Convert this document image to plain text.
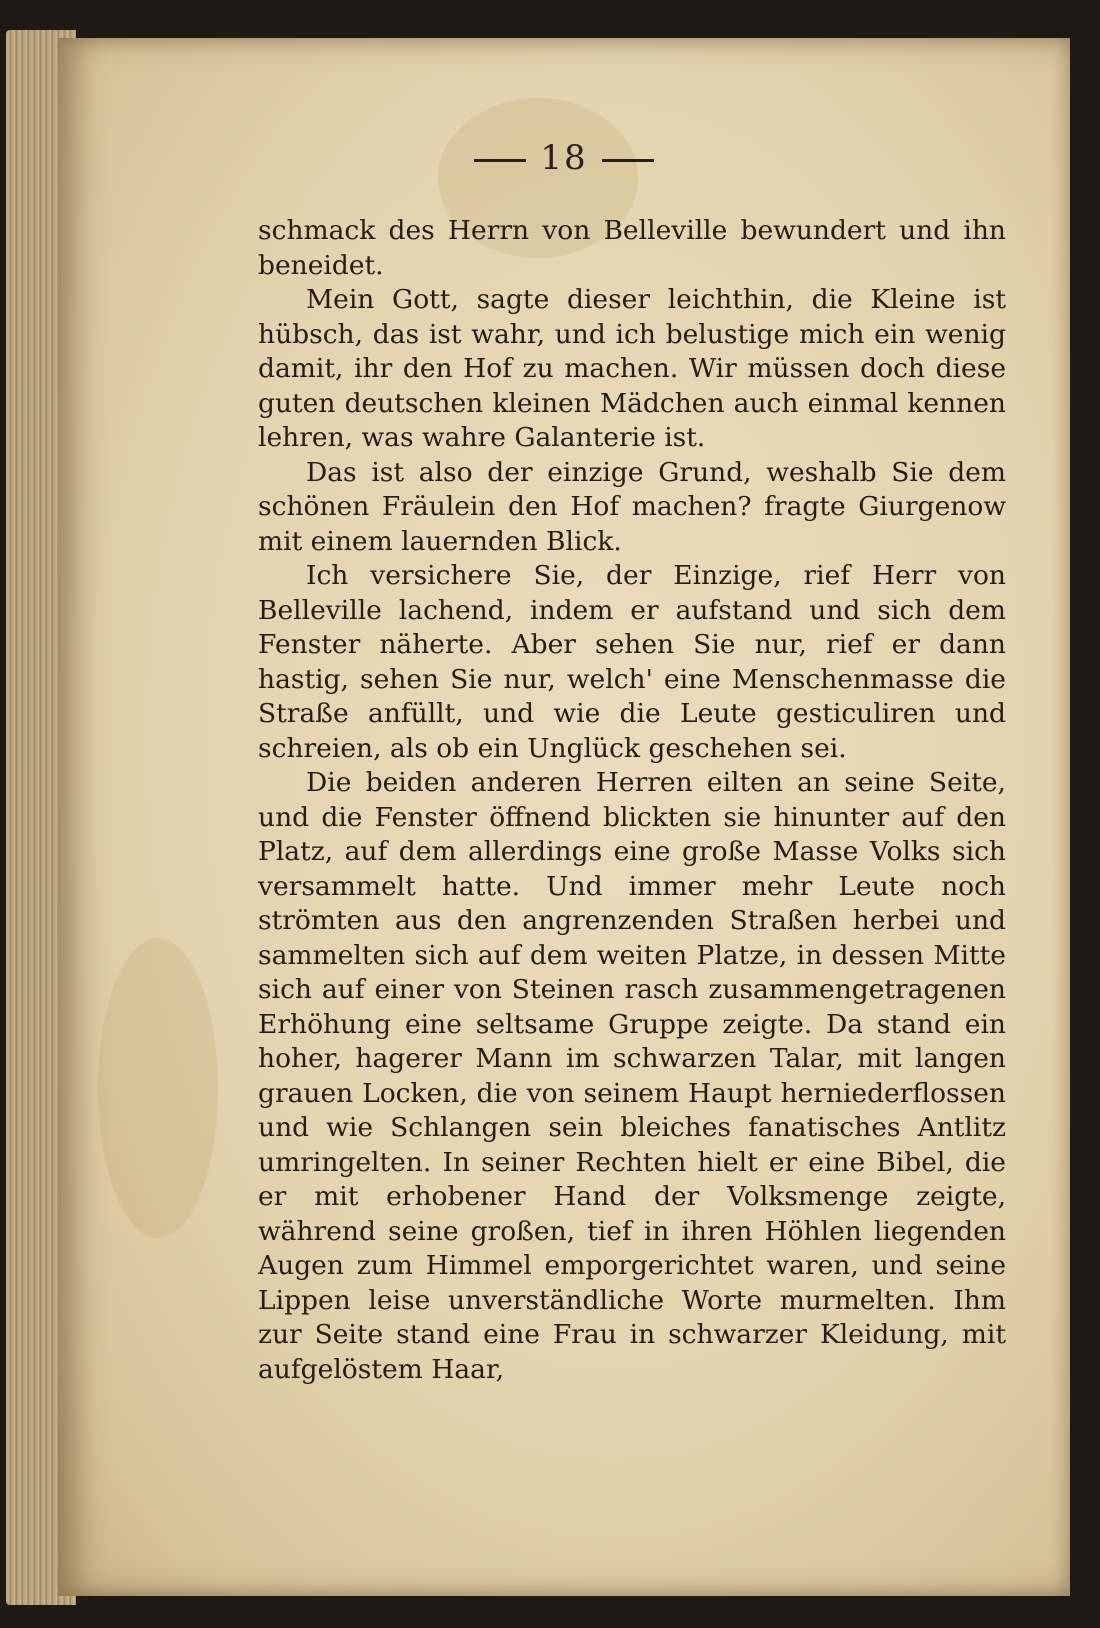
18

schmack des Herrn von Belleville bewundert und ihn beneidet.

Mein Gott, sagte dieser leichthin, die Kleine ist hübsch, das ist wahr, und ich belustige mich ein wenig damit, ihr den Hof zu machen. Wir müssen doch diese guten deutschen kleinen Mädchen auch einmal kennen lehren, was wahre Galanterie ist.

Das ist also der einzige Grund, weshalb Sie dem schönen Fräulein den Hof machen? fragte Giurgenow mit einem lauernden Blick.

Ich versichere Sie, der Einzige, rief Herr von Belleville lachend, indem er aufstand und sich dem Fenster näherte. Aber sehen Sie nur, rief er dann hastig, sehen Sie nur, welch' eine Menschenmasse die Straße anfüllt, und wie die Leute gesticuliren und schreien, als ob ein Unglück geschehen sei.

Die beiden anderen Herren eilten an seine Seite, und die Fenster öffnend blickten sie hinunter auf den Platz, auf dem allerdings eine große Masse Volks sich versammelt hatte. Und immer mehr Leute noch strömten aus den angrenzenden Straßen herbei und sammelten sich auf dem weiten Platze, in dessen Mitte sich auf einer von Steinen rasch zusammengetragenen Erhöhung eine seltsame Gruppe zeigte. Da stand ein hoher, hagerer Mann im schwarzen Talar, mit langen grauen Locken, die von seinem Haupt herniederflossen und wie Schlangen sein bleiches fanatisches Antlitz umringelten. In seiner Rechten hielt er eine Bibel, die er mit erhobener Hand der Volksmenge zeigte, während seine großen, tief in ihren Höhlen liegenden Augen zum Himmel emporgerichtet waren, und seine Lippen leise unverständliche Worte murmelten. Ihm zur Seite stand eine Frau in schwarzer Kleidung, mit aufgelöstem Haar,
